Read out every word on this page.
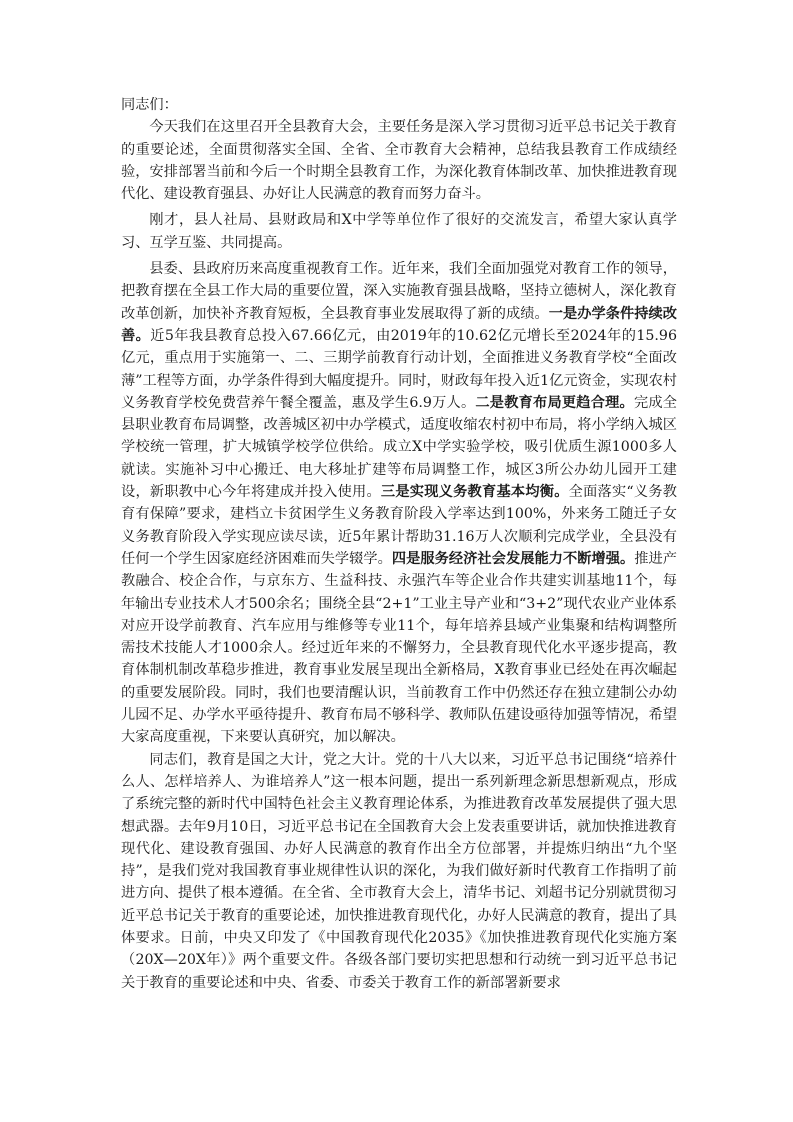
同志们：

今天我们在这里召开全县教育大会，主要任务是深入学习贯彻习近平总书记关于教育的重要论述，全面贯彻落实全国、全省、全市教育大会精神，总结我县教育工作成绩经验，安排部署当前和今后一个时期全县教育工作，为深化教育体制改革、加快推进教育现代化、建设教育强县、办好让人民满意的教育而努力奋斗。

刚才，县人社局、县财政局和X中学等单位作了很好的交流发言，希望大家认真学习、互学互鉴、共同提高。

县委、县政府历来高度重视教育工作。近年来，我们全面加强党对教育工作的领导，把教育摆在全县工作大局的重要位置，深入实施教育强县战略，坚持立德树人，深化教育改革创新，加快补齐教育短板，全县教育事业发展取得了新的成绩。一是办学条件持续改善。近5年我县教育总投入67.66亿元，由2019年的10.62亿元增长至2024年的15.96亿元，重点用于实施第一、二、三期学前教育行动计划，全面推进义务教育学校“全面改薄”工程等方面，办学条件得到大幅度提升。同时，财政每年投入近1亿元资金，实现农村义务教育学校免费营养午餐全覆盖，惠及学生6.9万人。二是教育布局更趋合理。完成全县职业教育布局调整，改善城区初中办学模式，适度收缩农村初中布局，将小学纳入城区学校统一管理，扩大城镇学校学位供给。成立X中学实验学校，吸引优质生源1000多人就读。实施补习中心搬迁、电大移址扩建等布局调整工作，城区3所公办幼儿园开工建设，新职教中心今年将建成并投入使用。三是实现义务教育基本均衡。全面落实“义务教育有保障”要求，建档立卡贫困学生义务教育阶段入学率达到100%，外来务工随迁子女义务教育阶段入学实现应读尽读，近5年累计帮助31.16万人次顺利完成学业，全县没有任何一个学生因家庭经济困难而失学辍学。四是服务经济社会发展能力不断增强。推进产教融合、校企合作，与京东方、生益科技、永强汽车等企业合作共建实训基地11个，每年输出专业技术人才500余名；围绕全县“2+1”工业主导产业和“3+2”现代农业产业体系对应开设学前教育、汽车应用与维修等专业11个，每年培养县域产业集聚和结构调整所需技术技能人才1000余人。经过近年来的不懈努力，全县教育现代化水平逐步提高，教育体制机制改革稳步推进，教育事业发展呈现出全新格局，X教育事业已经处在再次崛起的重要发展阶段。同时，我们也要清醒认识，当前教育工作中仍然还存在独立建制公办幼儿园不足、办学水平亟待提升、教育布局不够科学、教师队伍建设亟待加强等情况，希望大家高度重视，下来要认真研究，加以解决。

同志们，教育是国之大计，党之大计。党的十八大以来，习近平总书记围绕“培养什么人、怎样培养人、为谁培养人”这一根本问题，提出一系列新理念新思想新观点，形成了系统完整的新时代中国特色社会主义教育理论体系，为推进教育改革发展提供了强大思想武器。去年9月10日，习近平总书记在全国教育大会上发表重要讲话，就加快推进教育现代化、建设教育强国、办好人民满意的教育作出全方位部署，并提炼归纳出“九个坚持”，是我们党对我国教育事业规律性认识的深化，为我们做好新时代教育工作指明了前进方向、提供了根本遵循。在全省、全市教育大会上，清华书记、刘超书记分别就贯彻习近平总书记关于教育的重要论述，加快推进教育现代化，办好人民满意的教育，提出了具体要求。日前，中央又印发了《中国教育现代化2035》《加快推进教育现代化实施方案（20X—20X年）》两个重要文件。各级各部门要切实把思想和行动统一到习近平总书记关于教育的重要论述和中央、省委、市委关于教育工作的新部署新要求
